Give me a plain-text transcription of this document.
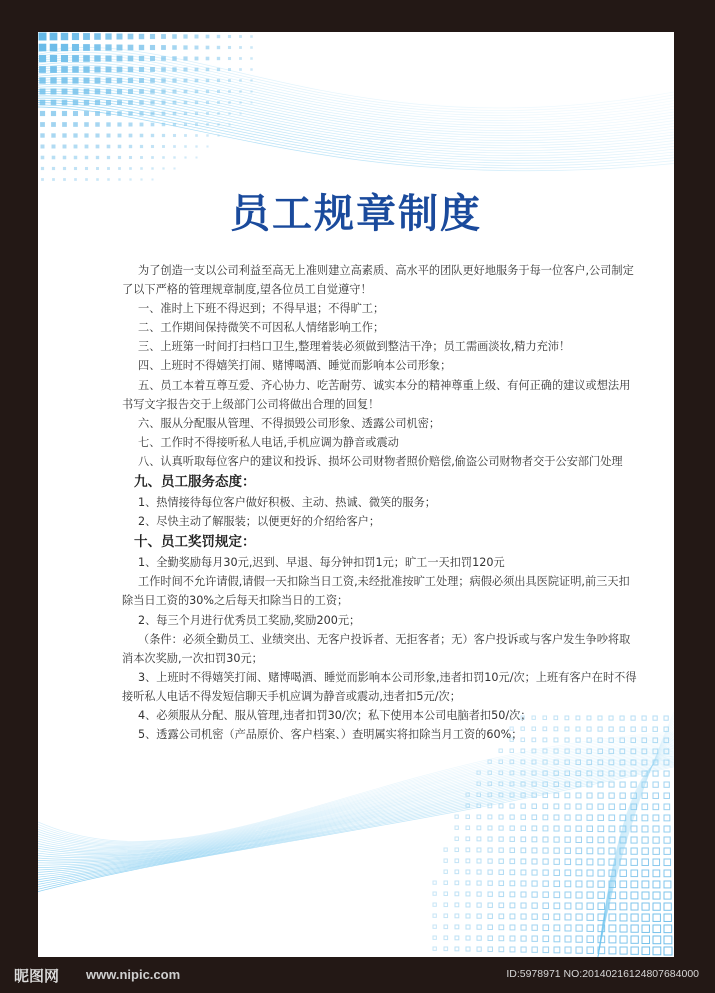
员工规章制度

为了创造一支以公司利益至高无上准则建立高素质、高水平的团队更好地服务于每一位客户,公司制定了以下严格的管理规章制度,望各位员工自觉遵守！

一、准时上下班不得迟到；不得早退；不得旷工；

二、工作期间保持微笑不可因私人情绪影响工作；

三、上班第一时间打扫档口卫生,整理着装必须做到整洁干净；员工需画淡妆,精力充沛！

四、上班时不得嬉笑打闹、赌博喝酒、睡觉而影响本公司形象；

五、员工本着互尊互爱、齐心协力、吃苦耐劳、诚实本分的精神尊重上级、有何正确的建议或想法用书写文字报告交于上级部门公司将做出合理的回复！

六、服从分配服从管理、不得损毁公司形象、透露公司机密；

七、工作时不得接听私人电话,手机应调为静音或震动

八、认真听取每位客户的建议和投诉、损坏公司财物者照价赔偿,偷盗公司财物者交于公安部门处理

九、员工服务态度：

1、热情接待每位客户做好积极、主动、热诚、微笑的服务；

2、尽快主动了解服装；以便更好的介绍给客户；

十、员工奖罚规定：

1、全勤奖励每月30元,迟到、早退、每分钟扣罚1元；旷工一天扣罚120元

工作时间不允许请假,请假一天扣除当日工资,未经批准按旷工处理；病假必须出具医院证明,前三天扣除当日工资的30%之后每天扣除当日的工资；

2、每三个月进行优秀员工奖励,奖励200元；

（条件：必须全勤员工、业绩突出、无客户投诉者、无拒客者；无）客户投诉或与客户发生争吵将取消本次奖励,一次扣罚30元；

3、上班时不得嬉笑打闹、赌博喝酒、睡觉而影响本公司形象,违者扣罚10元/次；上班有客户在时不得接听私人电话不得发短信聊天手机应调为静音或震动,违者扣5元/次；

4、必须服从分配、服从管理,违者扣罚30/次；私下使用本公司电脑者扣50/次；

5、透露公司机密（产品原价、客户档案、）查明属实将扣除当月工资的60%；

昵图网 www.nipic.com	ID:5978971 NO:20140216124807684000
